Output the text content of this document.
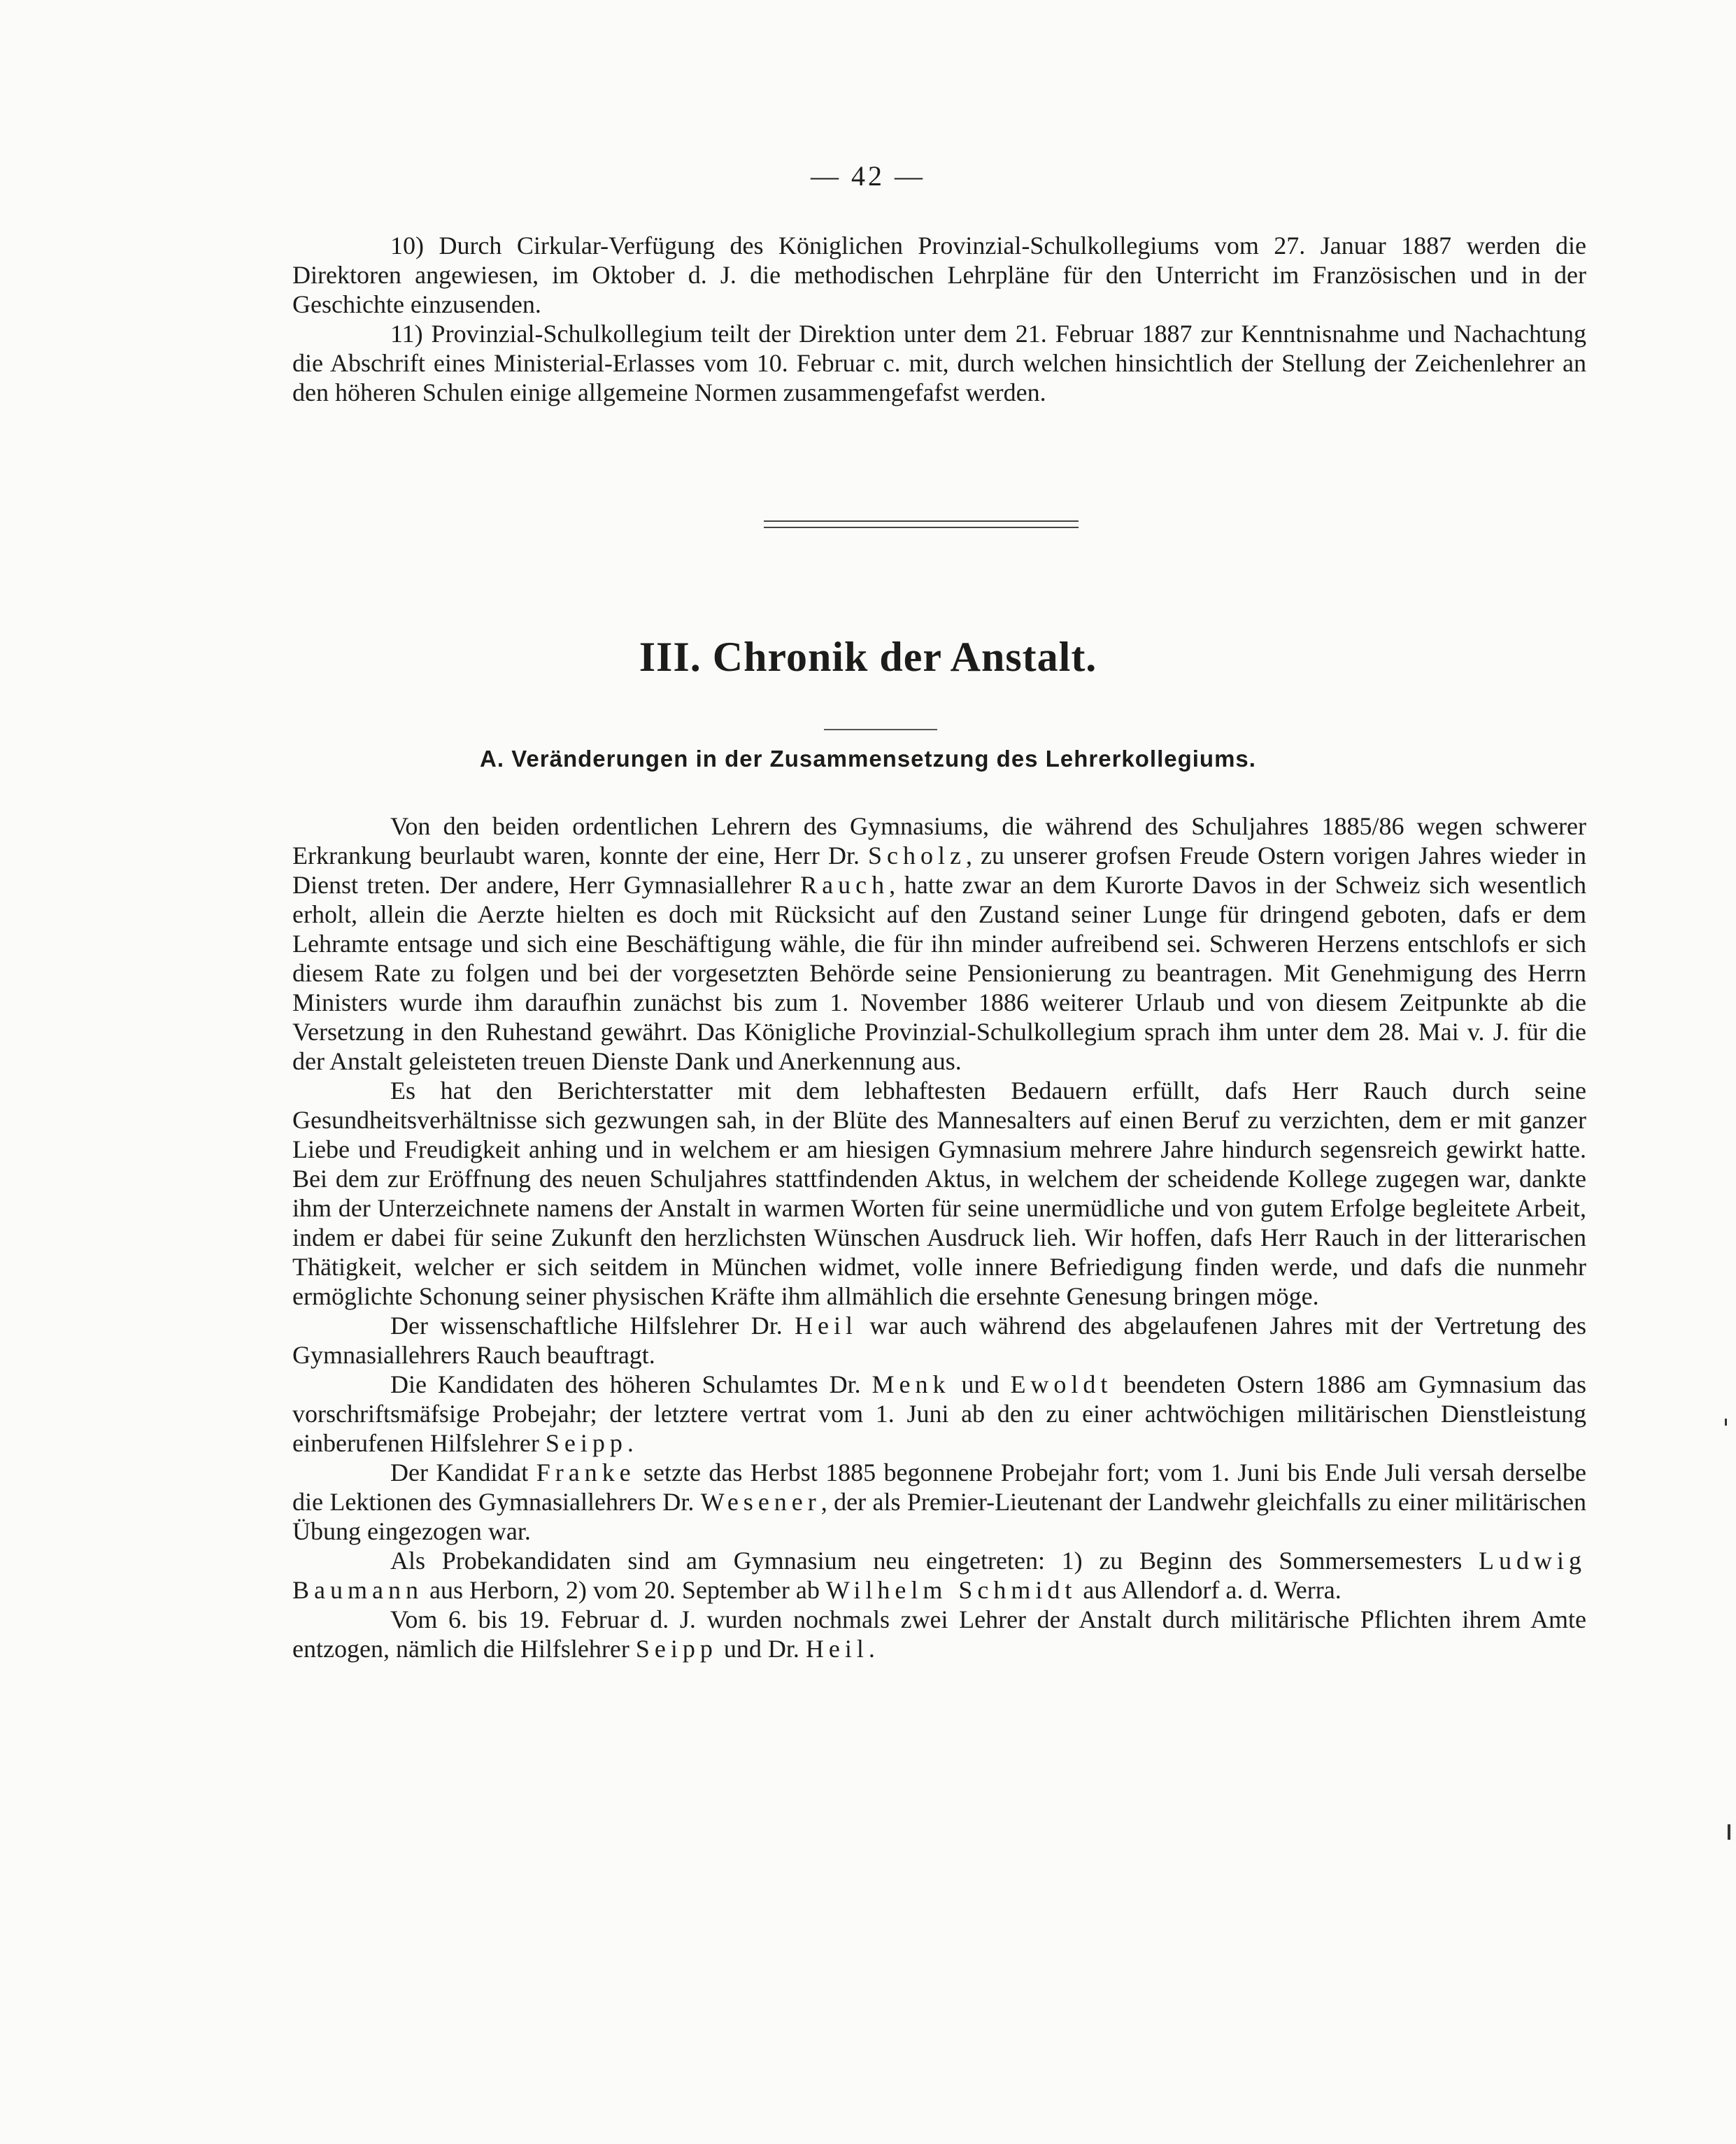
— 42 —

10) Durch Cirkular-Verfügung des Königlichen Provinzial-Schulkollegiums vom 27. Januar 1887 werden die Direktoren angewiesen, im Oktober d. J. die methodischen Lehrpläne für den Unterricht im Französischen und in der Geschichte einzusenden.

11) Provinzial-Schulkollegium teilt der Direktion unter dem 21. Februar 1887 zur Kenntnisnahme und Nachachtung die Abschrift eines Ministerial-Erlasses vom 10. Februar c. mit, durch welchen hinsichtlich der Stellung der Zeichenlehrer an den höheren Schulen einige allgemeine Normen zusammengefafst werden.

III. Chronik der Anstalt.
A. Veränderungen in der Zusammensetzung des Lehrerkollegiums.

Von den beiden ordentlichen Lehrern des Gymnasiums, die während des Schuljahres 1885/86 wegen schwerer Erkrankung beurlaubt waren, konnte der eine, Herr Dr. Scholz, zu unserer grofsen Freude Ostern vorigen Jahres wieder in Dienst treten. Der andere, Herr Gymnasiallehrer Rauch, hatte zwar an dem Kurorte Davos in der Schweiz sich wesentlich erholt, allein die Aerzte hielten es doch mit Rücksicht auf den Zustand seiner Lunge für dringend geboten, dafs er dem Lehramte entsage und sich eine Beschäftigung wähle, die für ihn minder aufreibend sei. Schweren Herzens entschlofs er sich diesem Rate zu folgen und bei der vorgesetzten Behörde seine Pensionierung zu beantragen. Mit Genehmigung des Herrn Ministers wurde ihm daraufhin zunächst bis zum 1. November 1886 weiterer Urlaub und von diesem Zeitpunkte ab die Versetzung in den Ruhestand gewährt. Das Königliche Provinzial-Schulkollegium sprach ihm unter dem 28. Mai v. J. für die der Anstalt geleisteten treuen Dienste Dank und Anerkennung aus.

Es hat den Berichterstatter mit dem lebhaftesten Bedauern erfüllt, dafs Herr Rauch durch seine Gesundheitsverhältnisse sich gezwungen sah, in der Blüte des Mannesalters auf einen Beruf zu verzichten, dem er mit ganzer Liebe und Freudigkeit anhing und in welchem er am hiesigen Gymnasium mehrere Jahre hindurch segensreich gewirkt hatte. Bei dem zur Eröffnung des neuen Schuljahres stattfindenden Aktus, in welchem der scheidende Kollege zugegen war, dankte ihm der Unterzeichnete namens der Anstalt in warmen Worten für seine unermüdliche und von gutem Erfolge begleitete Arbeit, indem er dabei für seine Zukunft den herzlichsten Wünschen Ausdruck lieh. Wir hoffen, dafs Herr Rauch in der litterarischen Thätigkeit, welcher er sich seitdem in München widmet, volle innere Befriedigung finden werde, und dafs die nunmehr ermöglichte Schonung seiner physischen Kräfte ihm allmählich die ersehnte Genesung bringen möge.

Der wissenschaftliche Hilfslehrer Dr. Heil war auch während des abgelaufenen Jahres mit der Vertretung des Gymnasiallehrers Rauch beauftragt.

Die Kandidaten des höheren Schulamtes Dr. Menk und Ewoldt beendeten Ostern 1886 am Gymnasium das vorschriftsmäfsige Probejahr; der letztere vertrat vom 1. Juni ab den zu einer achtwöchigen militärischen Dienstleistung einberufenen Hilfslehrer Seipp.

Der Kandidat Franke setzte das Herbst 1885 begonnene Probejahr fort; vom 1. Juni bis Ende Juli versah derselbe die Lektionen des Gymnasiallehrers Dr. Wesener, der als Premier-Lieutenant der Landwehr gleichfalls zu einer militärischen Übung eingezogen war.

Als Probekandidaten sind am Gymnasium neu eingetreten: 1) zu Beginn des Sommersemesters Ludwig Baumann aus Herborn, 2) vom 20. September ab Wilhelm Schmidt aus Allendorf a. d. Werra.

Vom 6. bis 19. Februar d. J. wurden nochmals zwei Lehrer der Anstalt durch militärische Pflichten ihrem Amte entzogen, nämlich die Hilfslehrer Seipp und Dr. Heil.
